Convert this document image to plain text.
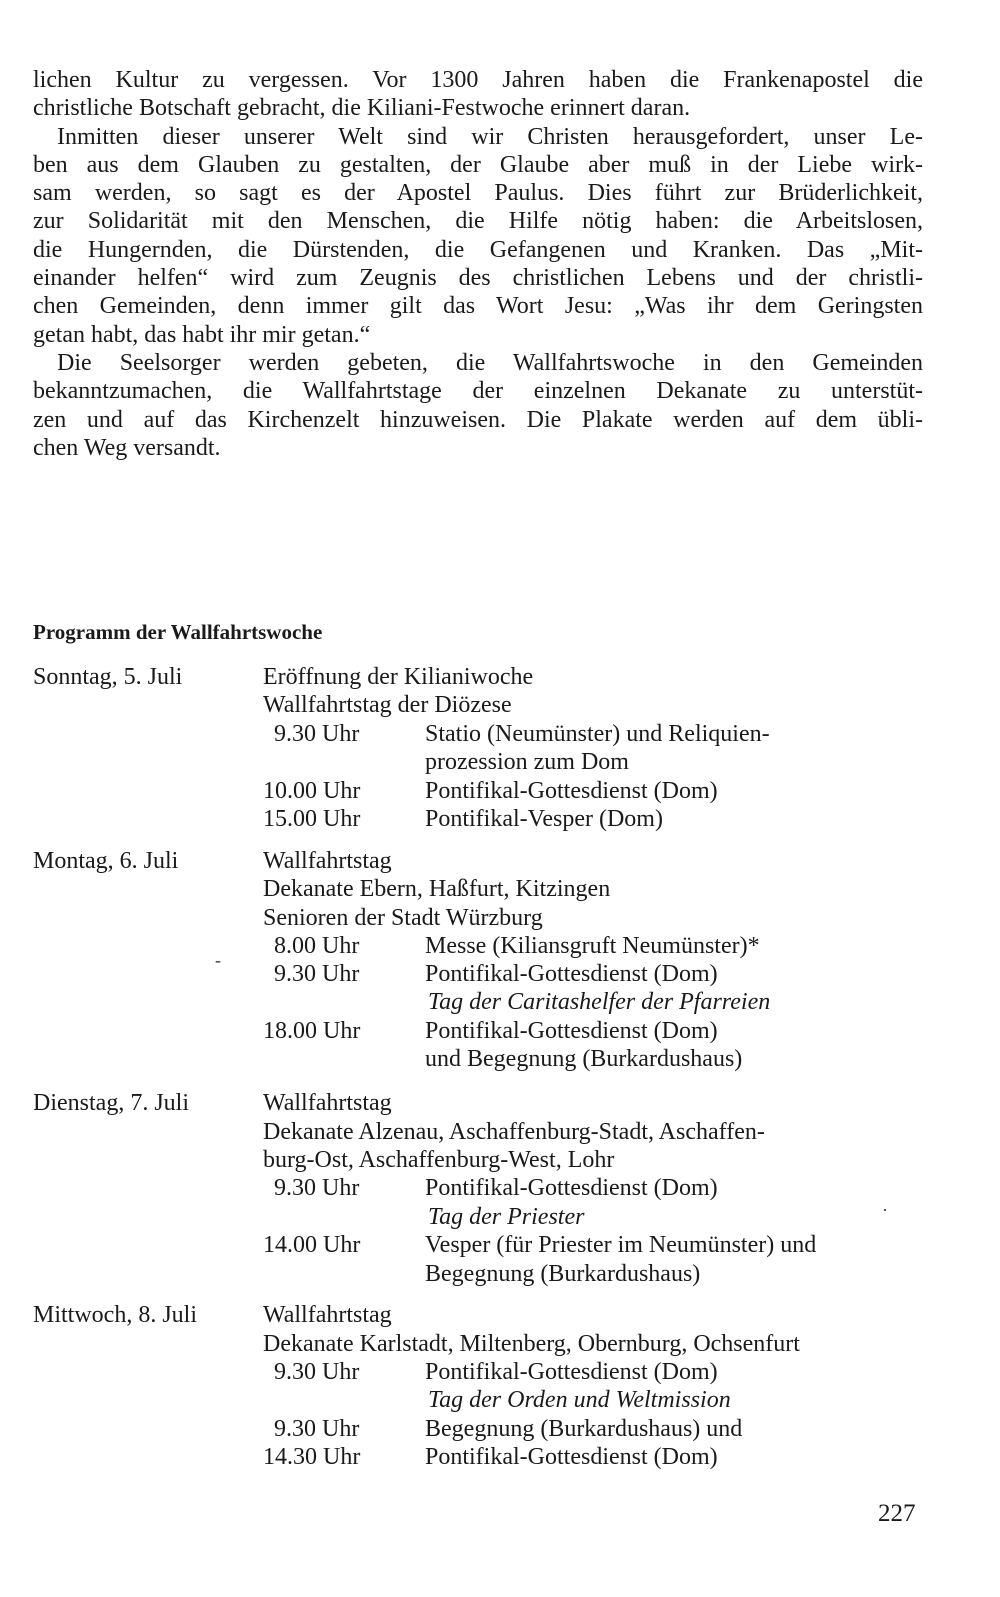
lichen Kultur zu vergessen. Vor 1300 Jahren haben die Frankenapostel die
christliche Botschaft gebracht, die Kiliani-Festwoche erinnert daran.
Inmitten dieser unserer Welt sind wir Christen herausgefordert, unser Le-
ben aus dem Glauben zu gestalten, der Glaube aber muß in der Liebe wirk-
sam werden, so sagt es der Apostel Paulus. Dies führt zur Brüderlichkeit,
zur Solidarität mit den Menschen, die Hilfe nötig haben: die Arbeitslosen,
die Hungernden, die Dürstenden, die Gefangenen und Kranken. Das „Mit-
einander helfen“ wird zum Zeugnis des christlichen Lebens und der christli-
chen Gemeinden, denn immer gilt das Wort Jesu: „Was ihr dem Geringsten
getan habt, das habt ihr mir getan.“
Die Seelsorger werden gebeten, die Wallfahrtswoche in den Gemeinden
bekanntzumachen, die Wallfahrtstage der einzelnen Dekanate zu unterstüt-
zen und auf das Kirchenzelt hinzuweisen. Die Plakate werden auf dem übli-
chen Weg versandt.
Programm der Wallfahrtswoche
Sonntag, 5. Juli	Eröffnung der Kilianiwoche
Wallfahrtstag der Diözese
9.30 Uhr	Statio (Neumünster) und Reliquien-
prozession zum Dom
10.00 Uhr	Pontifikal-Gottesdienst (Dom)
15.00 Uhr	Pontifikal-Vesper (Dom)
Montag, 6. Juli	Wallfahrtstag
Dekanate Ebern, Haßfurt, Kitzingen
Senioren der Stadt Würzburg
8.00 Uhr	Messe (Kiliansgruft Neumünster)*
9.30 Uhr	Pontifikal-Gottesdienst (Dom)
Tag der Caritashelfer der Pfarreien
18.00 Uhr	Pontifikal-Gottesdienst (Dom)
und Begegnung (Burkardushaus)
Dienstag, 7. Juli	Wallfahrtstag
Dekanate Alzenau, Aschaffenburg-Stadt, Aschaffen-
burg-Ost, Aschaffenburg-West, Lohr
9.30 Uhr	Pontifikal-Gottesdienst (Dom)
Tag der Priester
14.00 Uhr	Vesper (für Priester im Neumünster) und
Begegnung (Burkardushaus)
Mittwoch, 8. Juli	Wallfahrtstag
Dekanate Karlstadt, Miltenberg, Obernburg, Ochsenfurt
9.30 Uhr	Pontifikal-Gottesdienst (Dom)
Tag der Orden und Weltmission
9.30 Uhr	Begegnung (Burkardushaus) und
14.30 Uhr	Pontifikal-Gottesdienst (Dom)
-
·
227
